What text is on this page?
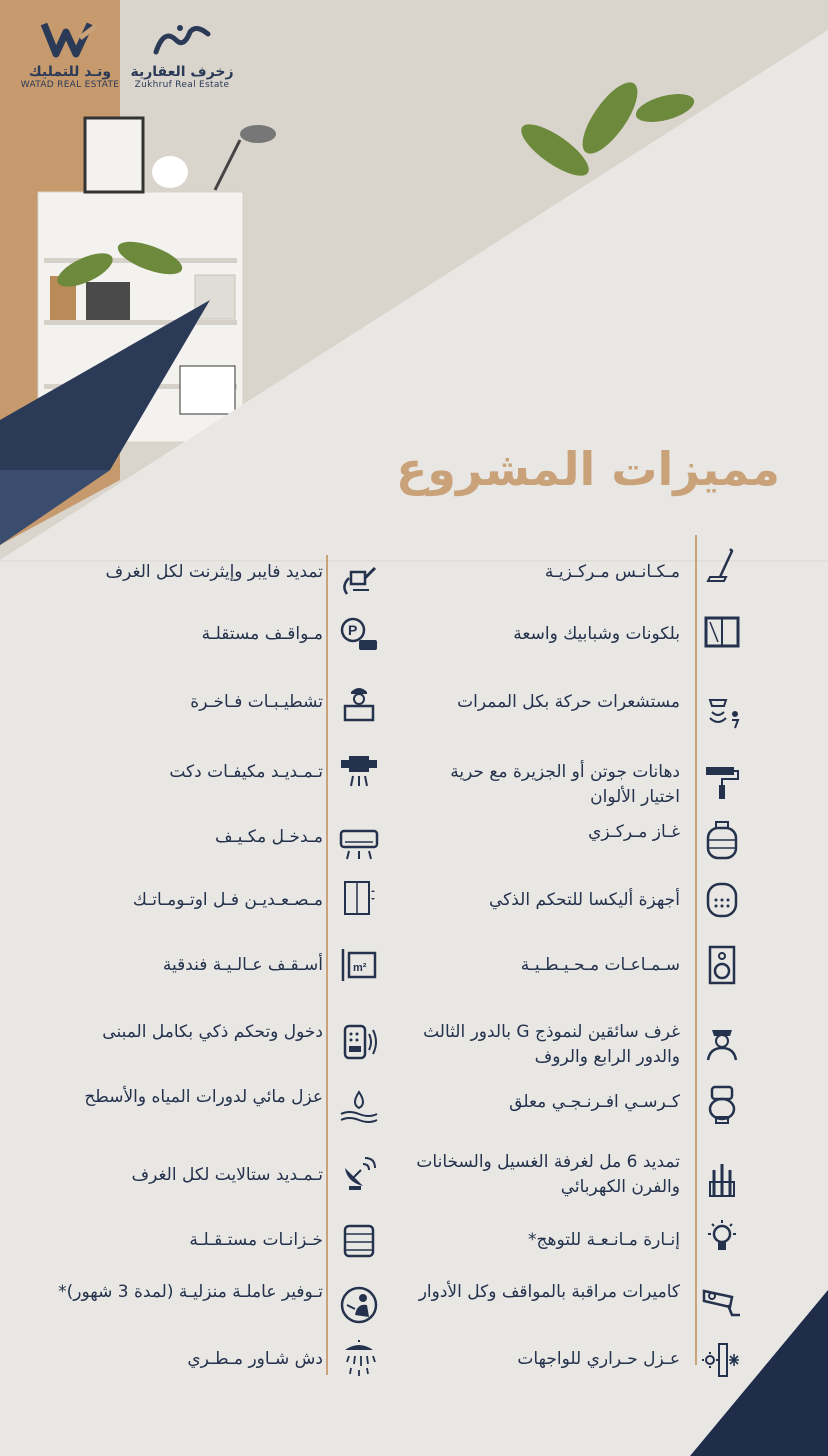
وتـد للتمليك
WATAD REAL ESTATE
زخرف العقارية
Zukhruf Real Estate
مميزات المشروع
مـكـانـس مـركـزيـة
بلكونات وشبابيك واسعة
مستشعرات حركة بكل الممرات
دهانات جوتن أو الجزيرة مع حرية اختيار الألوان
غـاز مـركـزي
أجهزة أليكسا للتحكم الذكي
سـمـاعـات مـحـيـطـيـة
غرف سائقين لنموذج G بالدور الثالث والدور الرابع والروف
كـرسـي افـرنـجـي معلق
تمديد 6 مل لغرفة الغسيل والسخانات والفرن الكهربائي
إنـارة مـانـعـة للتوهج*
كاميرات مراقبة بالمواقف وكل الأدوار
عـزل حـراري للواجهات
تمديد فايبر وإيثرنت لكل الغرف
مـواقـف مستقلـة P
تشطيـبـات فـاخـرة
تـمـديـد مكيفـات دكت
مـدخـل مكـيـف
مـصـعـديـن فـل اوتـومـاتـك
أسـقـف عـالـيـة فندقية	m²
دخول وتحكم ذكي بكامل المبنى
عزل مائي لدورات المياه والأسطح
تـمـديد ستالايت لكل الغرف
خـزانـات مستـقـلـة
تـوفير عاملـة منزليـة (لمدة 3 شهور)*
دش شـاور مـطـري
